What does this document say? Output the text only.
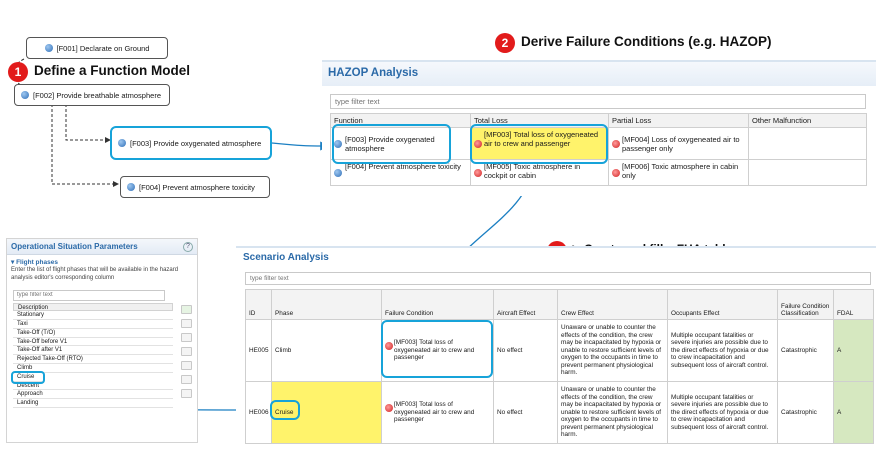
[F001] Declarate on Ground
1 Define a Function Model
[F002] Provide breathable atmosphere
[F003] Provide oxygenated atmosphere
[F004] Prevent atmosphere toxicity
2 Derive Failure Conditions (e.g. HAZOP)
HAZOP Analysis
type filter text
Function	Total Loss	Partial Loss	Other Malfunction

[F003] Provide oxygenated atmosphere	[MF003] Total loss of oxygeneated air to crew and passenger	[MF004] Loss of oxygeneated air to passenger only	

[F004] Prevent atmosphere toxicity	[MF005] Toxic atmosphere in cockpit or cabin	[MF006] Toxic atmosphere in cabin only	
Operational Situation Parameters	?
▾ Flight phases
Enter the list of flight phases that will be available in the hazard analysis editor's corresponding column
type filter text
Description
Stationary
Taxi
Take-Off (T/O)
Take-Off before V1
Take-Off after V1
Rejected Take-Off (RTO)
Climb
Cruise
Descent
Approach
Landing
Scenario Analysis
type filter text
ID	Phase	Failure Condition	Aircraft Effect	Crew Effect	Occupants Effect	Failure Condition Classification	FDAL
HE005	Climb	[MF003] Total loss of oxygeneated air to crew and passenger	No effect	Unaware or unable to counter the effects of the condition, the crew may be incapacitated by hypoxia or unable to restore sufficient levels of oxygen to the occupants in time to prevent permanent physiological harm.	Multiple occupant fatalities or severe injuries are possible due to the direct effects of hypoxia or due to crew incapacitation and subsequent loss of aircraft control.	Catastrophic	A
HE006	Cruise	[MF003] Total loss of oxygeneated air to crew and passenger	No effect	Unaware or unable to counter the effects of the condition, the crew may be incapacitated by hypoxia or unable to restore sufficient levels of oxygen to the occupants in time to prevent permanent physiological harm.	Multiple occupant fatalities or severe injuries are possible due to the direct effects of hypoxia or due to crew incapacitation and subsequent loss of aircraft control.	Catastrophic	A
